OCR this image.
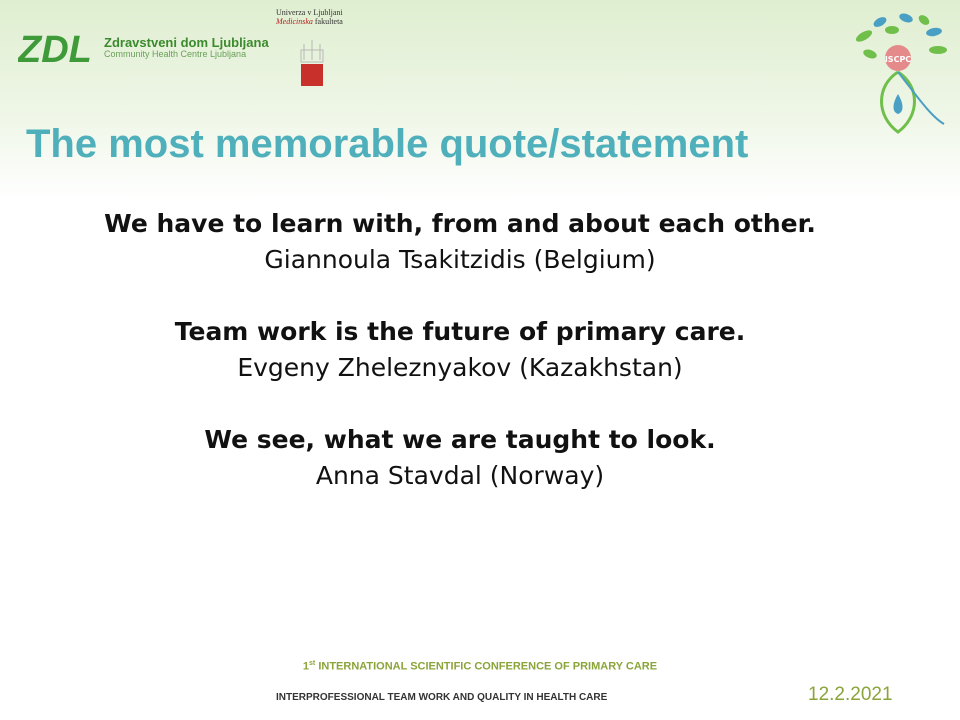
ZDL Zdravstveni dom Ljubljana
Community Health Centre Ljubljana
Univerza v Ljubljani
Medicinska fakulteta
ISCPC
The most memorable quote/statement
We have to learn with, from and about each other.
Giannoula Tsakitzidis (Belgium)
Team work is the future of primary care.
Evgeny Zheleznyakov (Kazakhstan)
We see, what we are taught to look.
Anna Stavdal (Norway)
1st INTERNATIONAL SCIENTIFIC CONFERENCE OF PRIMARY CARE
INTERPROFESSIONAL TEAM WORK AND QUALITY IN HEALTH CARE	12.2.2021
